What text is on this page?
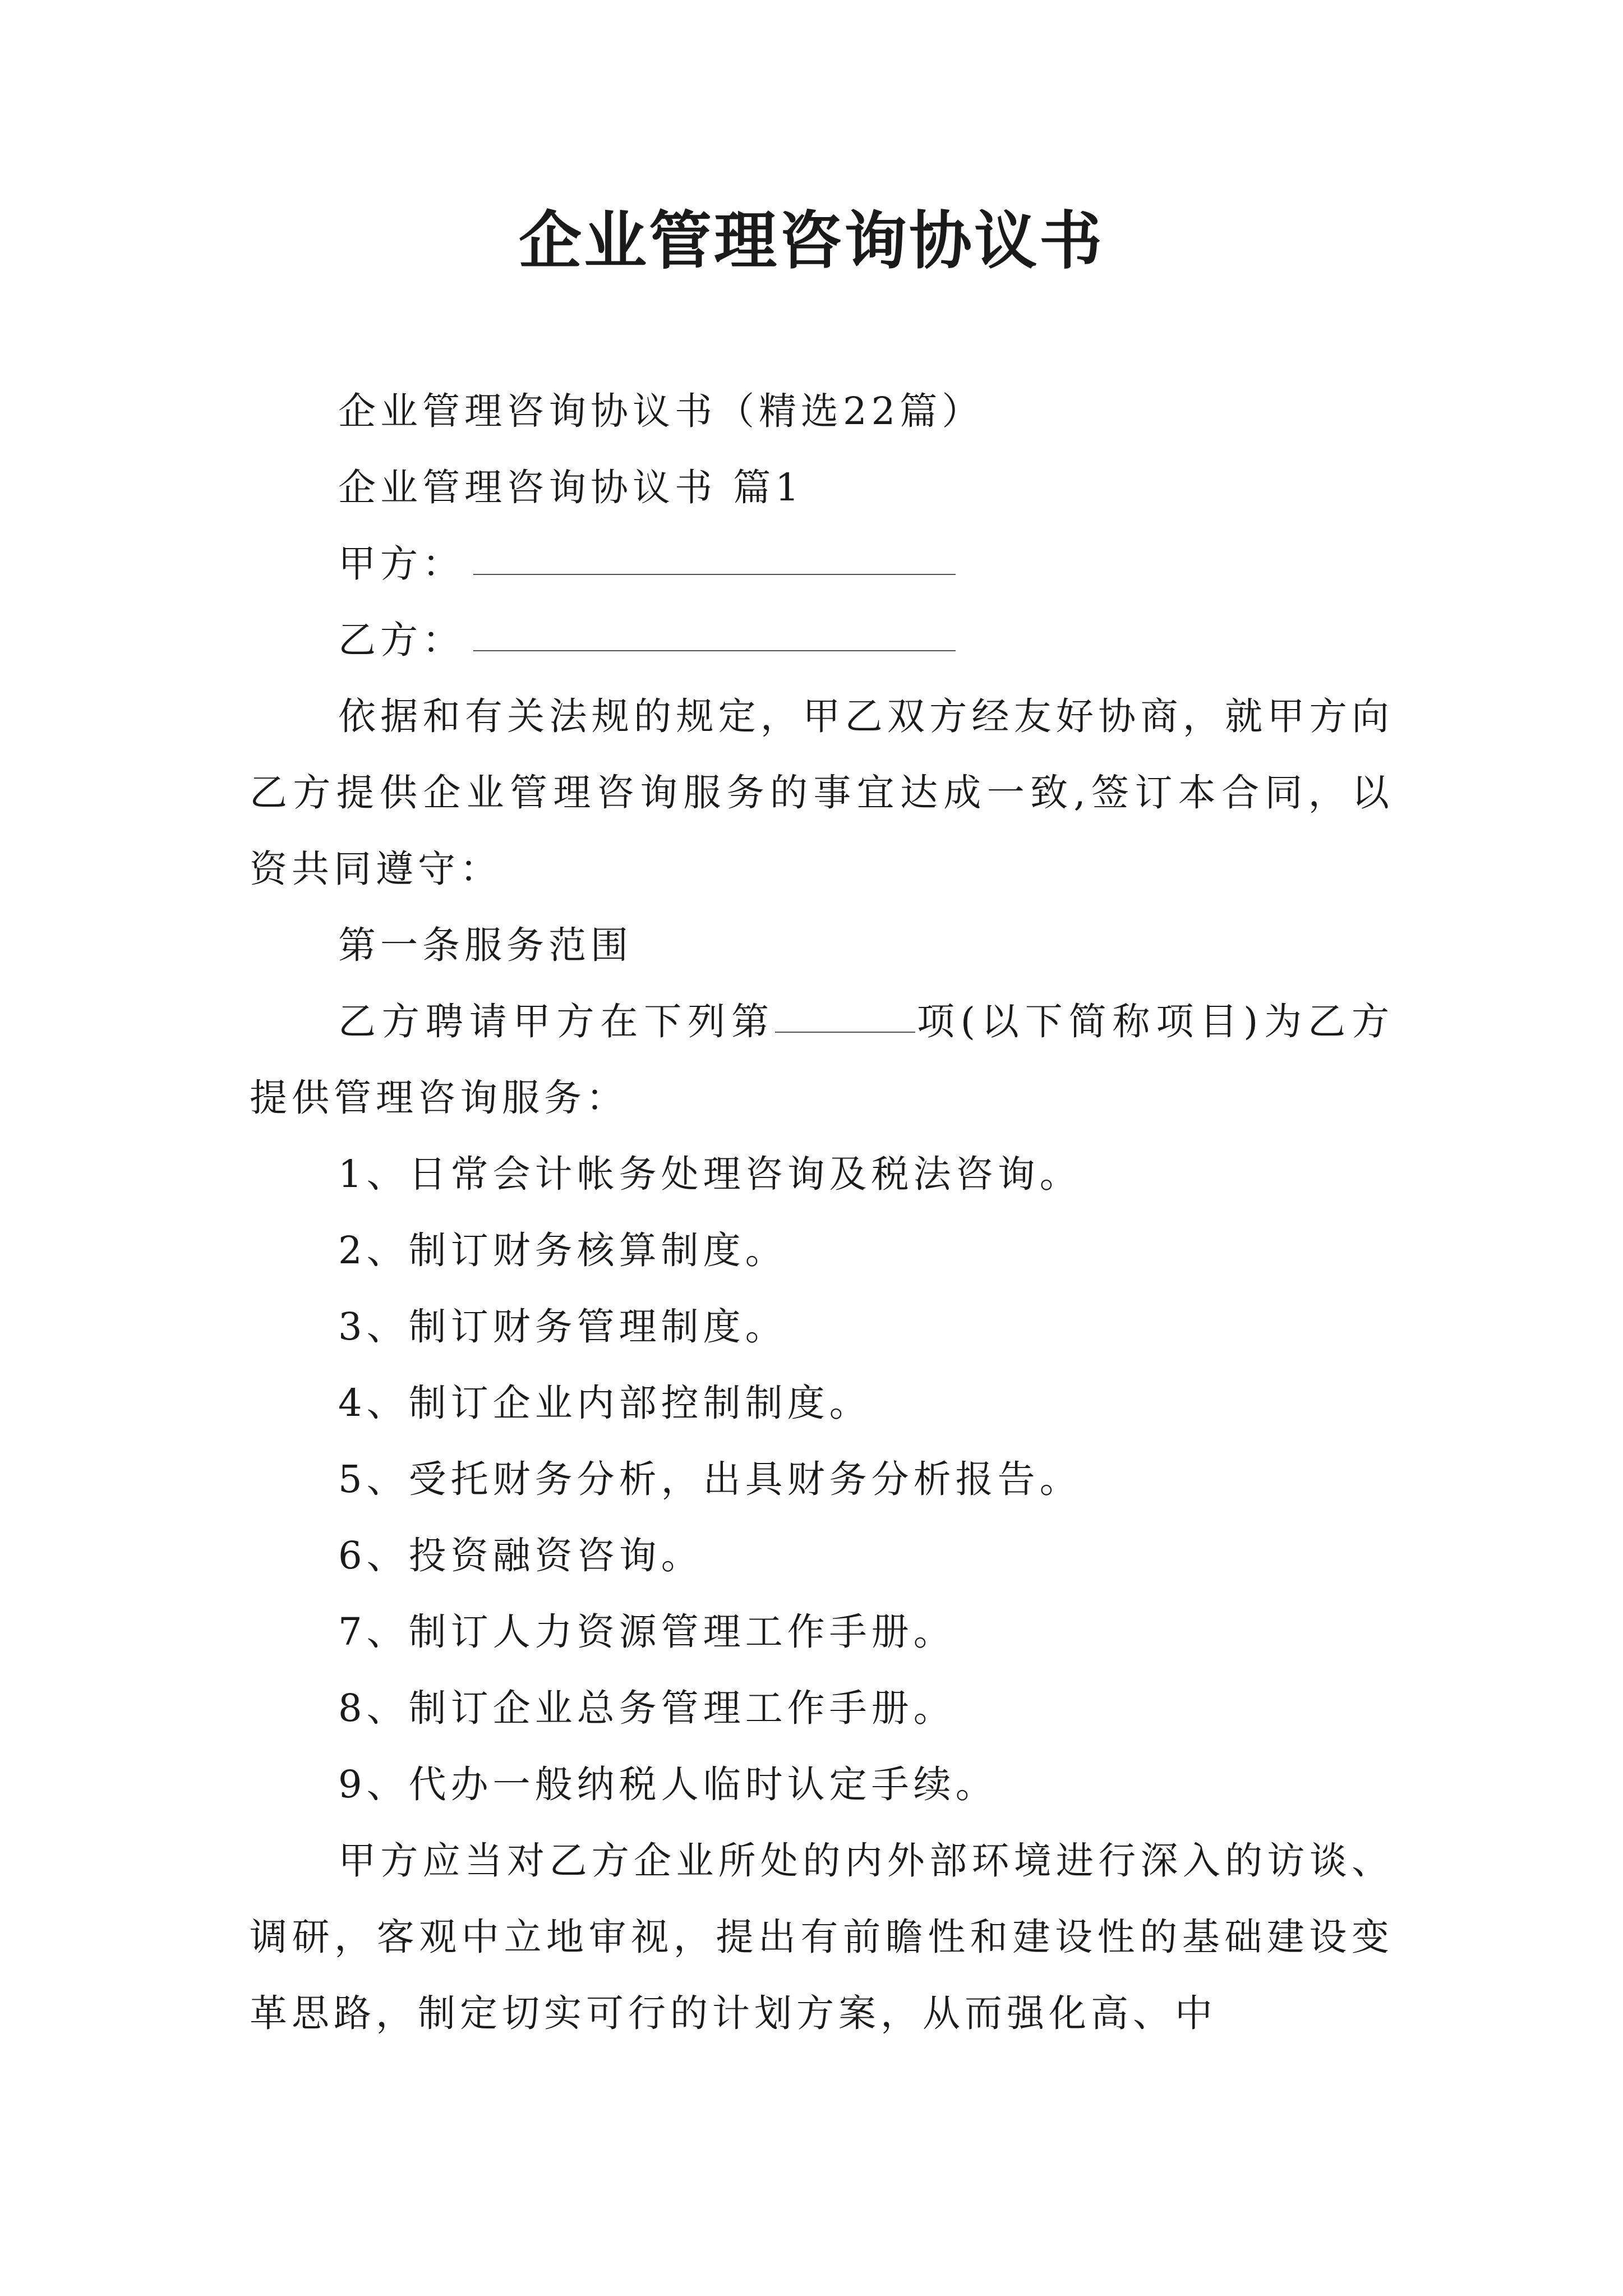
企业管理咨询协议书

企业管理咨询协议书（精选22篇）

企业管理咨询协议书 篇1

甲方：

乙方：

依据和有关法规的规定，甲乙双方经友好协商，就甲方向乙方提供企业管理咨询服务的事宜达成一致,签订本合同，以资共同遵守：

第一条服务范围

乙方聘请甲方在下列第	项(以下简称项目)为乙方提供管理咨询服务：

1、日常会计帐务处理咨询及税法咨询。

2、制订财务核算制度。

3、制订财务管理制度。

4、制订企业内部控制制度。

5、受托财务分析，出具财务分析报告。

6、投资融资咨询。

7、制订人力资源管理工作手册。

8、制订企业总务管理工作手册。

9、代办一般纳税人临时认定手续。

甲方应当对乙方企业所处的内外部环境进行深入的访谈、调研，客观中立地审视，提出有前瞻性和建设性的基础建设变革思路，制定切实可行的计划方案，从而强化高、中
